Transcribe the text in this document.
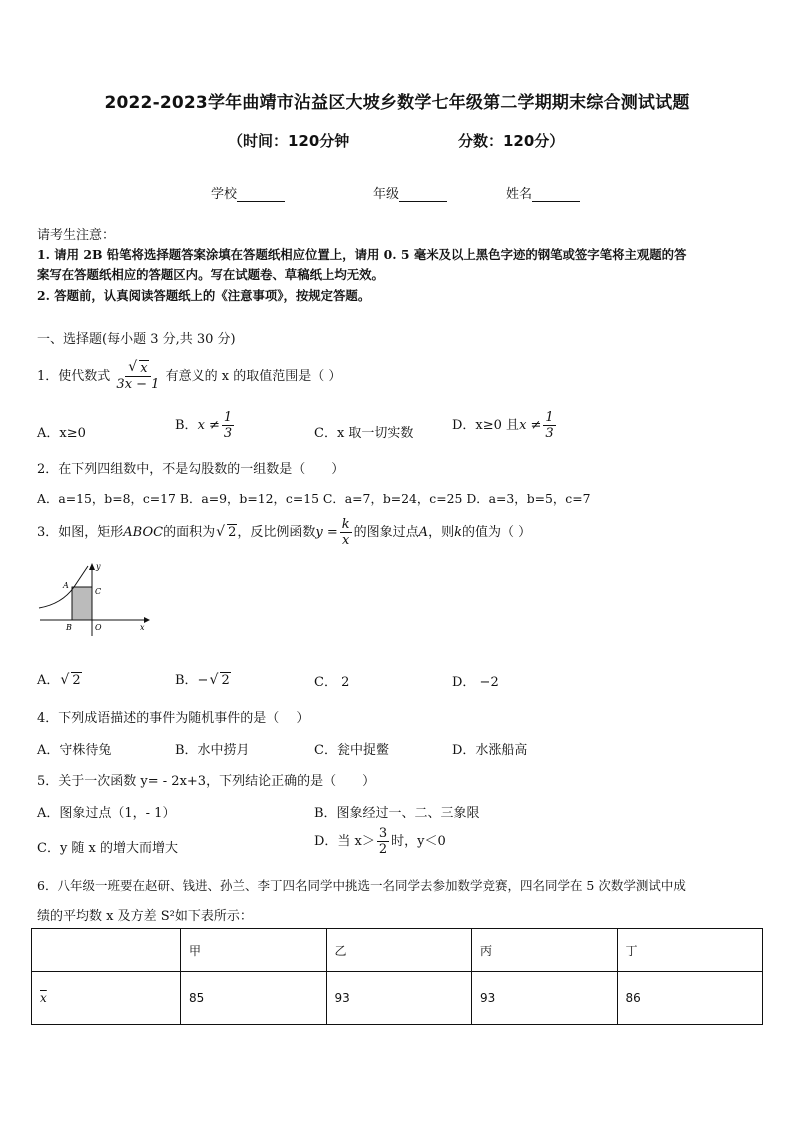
2022-2023学年曲靖市沾益区大坡乡数学七年级第二学期期末综合测试试题
（时间：120分钟	分数：120分）
学校	年级	姓名
请考生注意：
1. 请用 2B 铅笔将选择题答案涂填在答题纸相应位置上，请用 0. 5 毫米及以上黑色字迹的钢笔或签字笔将主观题的答
案写在答题纸相应的答题区内。写在试题卷、草稿纸上均无效。
2. 答题前，认真阅读答题纸上的《注意事项》，按规定答题。
一、选择题(每小题 3 分,共 30 分)
1．使代数式 $\frac{√ x}{3x - 1}$ 有意义的 x 的取值范围是（ ）
A．x≥0
B．$x \ne \frac{1}{3}$	C．x 取一切实数
D．x≥0 且$x \ne \frac{1}{3}$
2．在下列四组数中，不是勾股数的一组数是（　　）
A．a=15，b=8，c=17 B．a=9，b=12，c=15 C．a=7，b=24，c=25 D．a=3，b=5，c=7
3．如图，矩形ABOC的面积为 √ 2，反比例函数$y = \frac{k}{x}$ 的图象过点A，则k的值为（ ）
y
A
C
B	O	x
A． √ 2	B．− √ 2	C． 2	D． −2
4．下列成语描述的事件为随机事件的是（　 ）
A．守株待兔	B．水中捞月	C．瓮中捉鳖	D．水涨船高
5．关于一次函数 y= - 2x+3，下列结论正确的是（　　）
A．图象过点（1，- 1）	B．图象经过一、二、三象限
C．y 随 x 的增大而增大	D．当 $x> \frac{3}{2}$ 时，y＜0
6．八年级一班要在赵研、钱进、孙兰、李丁四名同学中挑选一名同学去参加数学竞赛，四名同学在 5 次数学测试中成
绩的平均数 x 及方差 S²如下表所示：
	甲	乙	丙	丁
$\overline{x}$	85	93	93	86
